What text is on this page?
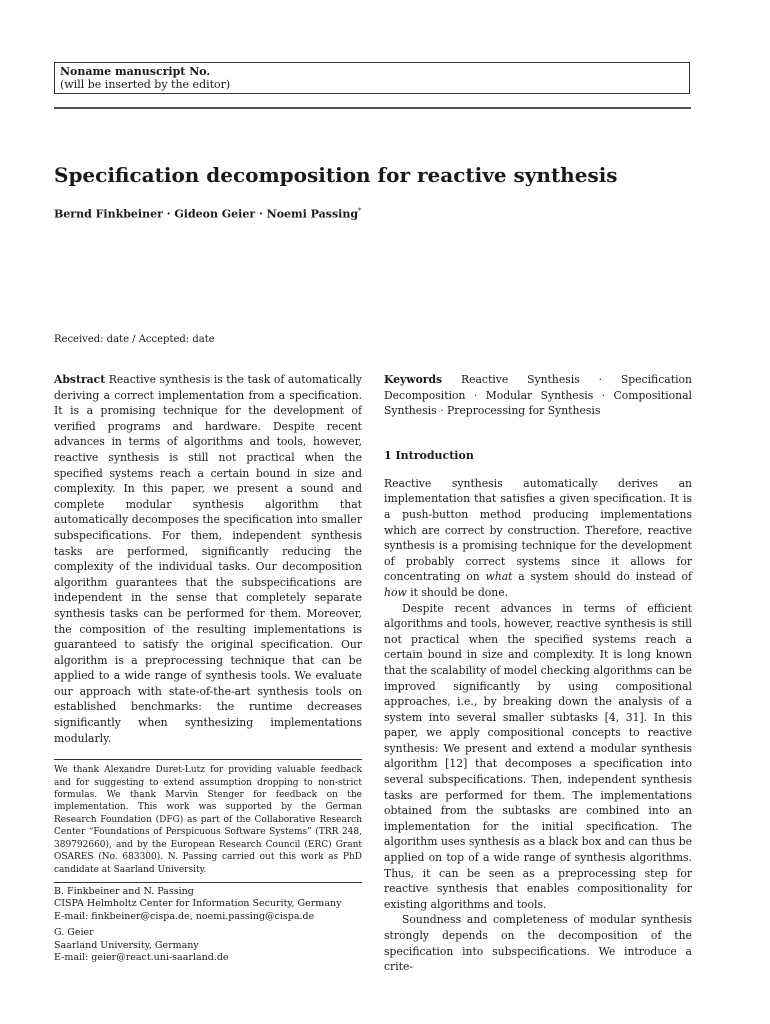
Noname manuscript No.
(will be inserted by the editor)
Specification decomposition for reactive synthesis
Bernd Finkbeiner · Gideon Geier · Noemi Passing*
Received: date / Accepted: date

Abstract Reactive synthesis is the task of automatically deriving a correct implementation from a specification. It is a promising technique for the development of verified programs and hardware. Despite recent advances in terms of algorithms and tools, however, reactive synthesis is still not practical when the specified systems reach a certain bound in size and complexity. In this paper, we present a sound and complete modular synthesis algorithm that automatically decomposes the specification into smaller subspecifications. For them, independent synthesis tasks are performed, significantly reducing the complexity of the individual tasks. Our decomposition algorithm guarantees that the subspecifications are independent in the sense that completely separate synthesis tasks can be performed for them. Moreover, the composition of the resulting implementations is guaranteed to satisfy the original specification. Our algorithm is a preprocessing technique that can be applied to a wide range of synthesis tools. We evaluate our approach with state-of-the-art synthesis tools on established benchmarks: the runtime decreases significantly when synthesizing implementations modularly.

We thank Alexandre Duret-Lutz for providing valuable feedback and for suggesting to extend assumption dropping to non-strict formulas. We thank Marvin Stenger for feedback on the implementation. This work was supported by the German Research Foundation (DFG) as part of the Collaborative Research Center “Foundations of Perspicuous Software Systems” (TRR 248, 389792660), and by the European Research Council (ERC) Grant OSARES (No. 683300). N. Passing carried out this work as PhD candidate at Saarland University.

B. Finkbeiner and N. Passing
CISPA Helmholtz Center for Information Security, Germany
E-mail: finkbeiner@cispa.de, noemi.passing@cispa.de
G. Geier
Saarland University, Germany
E-mail: geier@react.uni-saarland.de

Keywords Reactive Synthesis · Specification Decomposition · Modular Synthesis · Compositional Synthesis · Preprocessing for Synthesis

1 Introduction

Reactive synthesis automatically derives an implementation that satisfies a given specification. It is a push-button method producing implementations which are correct by construction. Therefore, reactive synthesis is a promising technique for the development of probably correct systems since it allows for concentrating on what a system should do instead of how it should be done.

Despite recent advances in terms of efficient algorithms and tools, however, reactive synthesis is still not practical when the specified systems reach a certain bound in size and complexity. It is long known that the scalability of model checking algorithms can be improved significantly by using compositional approaches, i.e., by breaking down the analysis of a system into several smaller subtasks [4, 31]. In this paper, we apply compositional concepts to reactive synthesis: We present and extend a modular synthesis algorithm [12] that decomposes a specification into several subspecifications. Then, independent synthesis tasks are performed for them. The implementations obtained from the subtasks are combined into an implementation for the initial specification. The algorithm uses synthesis as a black box and can thus be applied on top of a wide range of synthesis algorithms. Thus, it can be seen as a preprocessing step for reactive synthesis that enables compositionality for existing algorithms and tools.

Soundness and completeness of modular synthesis strongly depends on the decomposition of the specification into subspecifications. We introduce a crite-
